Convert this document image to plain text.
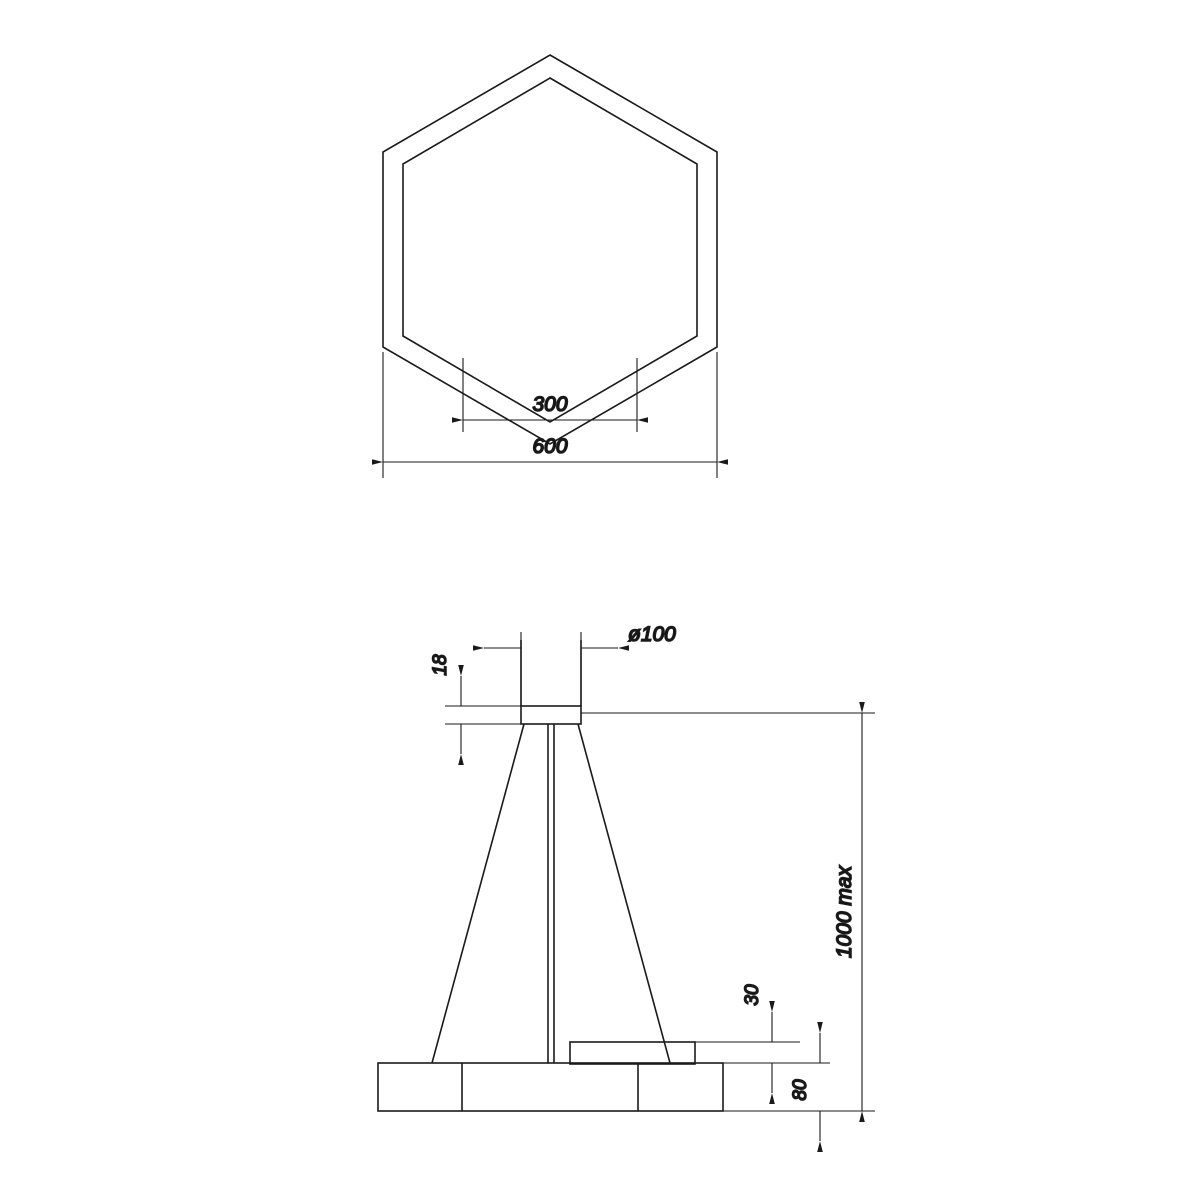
300
600
ø100
18
1000 max
30
80
